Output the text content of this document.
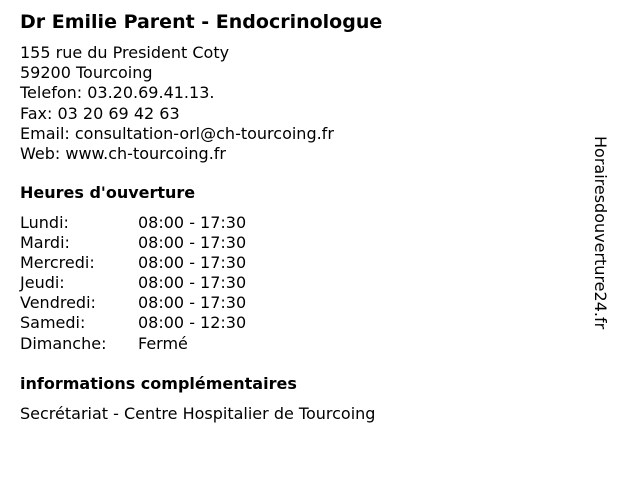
Dr Emilie Parent - Endocrinologue
155 rue du President Coty
59200 Tourcoing
Telefon: 03.20.69.41.13.
Fax: 03 20 69 42 63
Email: consultation-orl@ch-tourcoing.fr
Web: www.ch-tourcoing.fr
Heures d'ouverture
Lundi:	08:00 - 17:30
Mardi:	08:00 - 17:30
Mercredi:	08:00 - 17:30
Jeudi:	08:00 - 17:30
Vendredi:	08:00 - 17:30
Samedi:	08:00 - 12:30
Dimanche: Fermé
informations complémentaires
Secrétariat - Centre Hospitalier de Tourcoing
Horairesdouverture24.fr
